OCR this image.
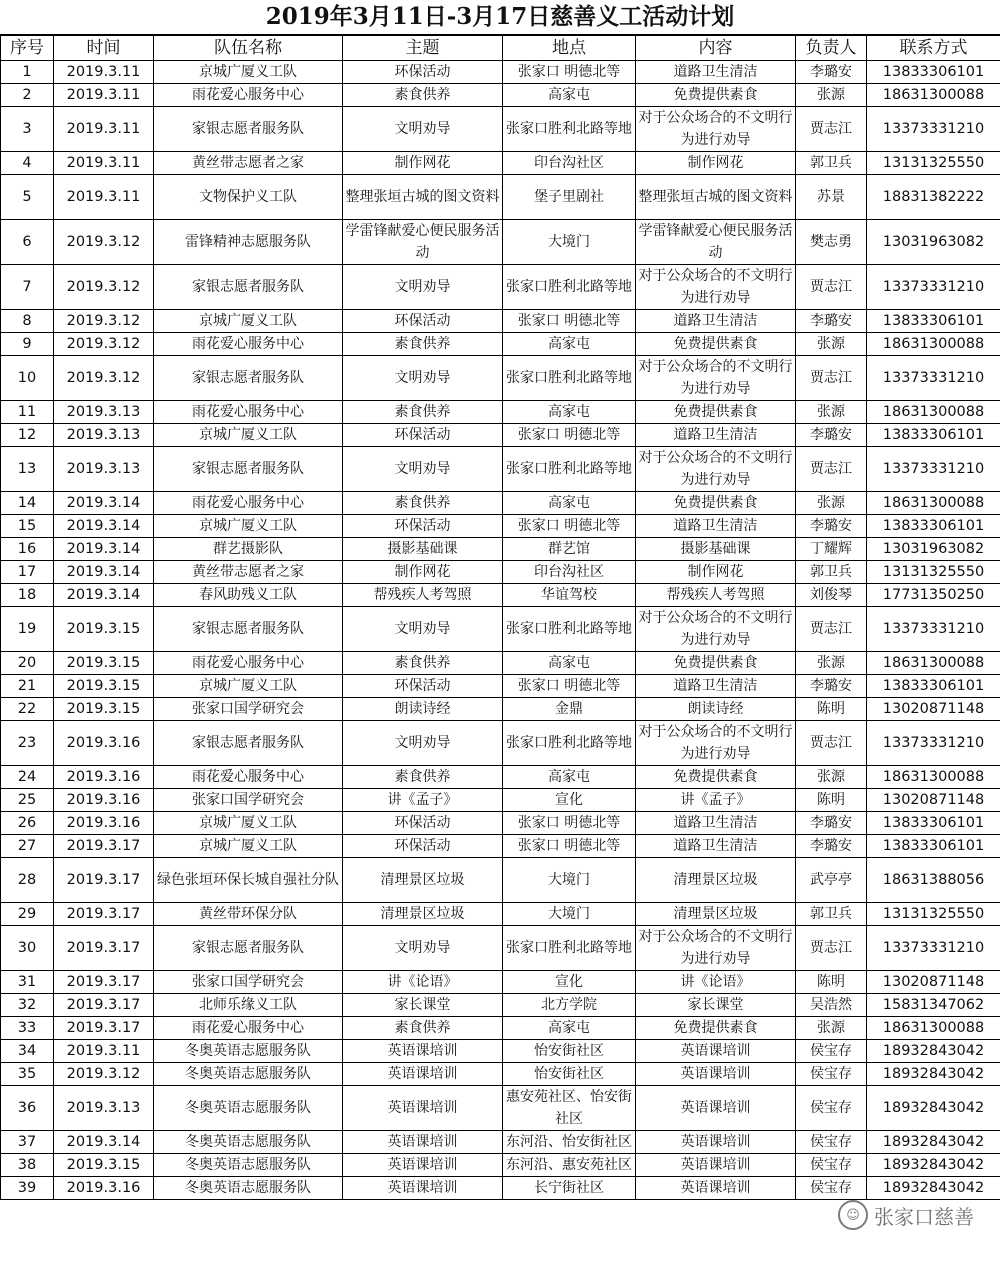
2019年3月11日-3月17日慈善义工活动计划
序号	时间	队伍名称	主题	地点	内容	负责人	联系方式
1	2019.3.11	京城广厦义工队	环保活动	张家口 明德北等	道路卫生清洁	李璐安	13833306101
2	2019.3.11	雨花爱心服务中心	素食供养	高家屯	免费提供素食	张源	18631300088
3	2019.3.11	家银志愿者服务队	文明劝导	张家口胜利北路等地	对于公众场合的不文明行为进行劝导	贾志江	13373331210
4	2019.3.11	黄丝带志愿者之家	制作网花	印台沟社区	制作网花	郭卫兵	13131325550
5	2019.3.11	文物保护义工队	整理张垣古城的图文资料	堡子里剧社	整理张垣古城的图文资料	苏景	18831382222
6	2019.3.12	雷锋精神志愿服务队	学雷锋献爱心便民服务活动	大境门	学雷锋献爱心便民服务活动	樊志勇	13031963082
7	2019.3.12	家银志愿者服务队	文明劝导	张家口胜利北路等地	对于公众场合的不文明行为进行劝导	贾志江	13373331210
8	2019.3.12	京城广厦义工队	环保活动	张家口 明德北等	道路卫生清洁	李璐安	13833306101
9	2019.3.12	雨花爱心服务中心	素食供养	高家屯	免费提供素食	张源	18631300088
10	2019.3.12	家银志愿者服务队	文明劝导	张家口胜利北路等地	对于公众场合的不文明行为进行劝导	贾志江	13373331210
11	2019.3.13	雨花爱心服务中心	素食供养	高家屯	免费提供素食	张源	18631300088
12	2019.3.13	京城广厦义工队	环保活动	张家口 明德北等	道路卫生清洁	李璐安	13833306101
13	2019.3.13	家银志愿者服务队	文明劝导	张家口胜利北路等地	对于公众场合的不文明行为进行劝导	贾志江	13373331210
14	2019.3.14	雨花爱心服务中心	素食供养	高家屯	免费提供素食	张源	18631300088
15	2019.3.14	京城广厦义工队	环保活动	张家口 明德北等	道路卫生清洁	李璐安	13833306101
16	2019.3.14	群艺摄影队	摄影基础课	群艺馆	摄影基础课	丁耀辉	13031963082
17	2019.3.14	黄丝带志愿者之家	制作网花	印台沟社区	制作网花	郭卫兵	13131325550
18	2019.3.14	春风助残义工队	帮残疾人考驾照	华谊驾校	帮残疾人考驾照	刘俊琴	17731350250
19	2019.3.15	家银志愿者服务队	文明劝导	张家口胜利北路等地	对于公众场合的不文明行为进行劝导	贾志江	13373331210
20	2019.3.15	雨花爱心服务中心	素食供养	高家屯	免费提供素食	张源	18631300088
21	2019.3.15	京城广厦义工队	环保活动	张家口 明德北等	道路卫生清洁	李璐安	13833306101
22	2019.3.15	张家口国学研究会	朗读诗经	金鼎	朗读诗经	陈明	13020871148
23	2019.3.16	家银志愿者服务队	文明劝导	张家口胜利北路等地	对于公众场合的不文明行为进行劝导	贾志江	13373331210
24	2019.3.16	雨花爱心服务中心	素食供养	高家屯	免费提供素食	张源	18631300088
25	2019.3.16	张家口国学研究会	讲《孟子》	宣化	讲《孟子》	陈明	13020871148
26	2019.3.16	京城广厦义工队	环保活动	张家口 明德北等	道路卫生清洁	李璐安	13833306101
27	2019.3.17	京城广厦义工队	环保活动	张家口 明德北等	道路卫生清洁	李璐安	13833306101
28	2019.3.17	绿色张垣环保长城自强社分队	清理景区垃圾	大境门	清理景区垃圾	武亭亭	18631388056
29	2019.3.17	黄丝带环保分队	清理景区垃圾	大境门	清理景区垃圾	郭卫兵	13131325550
30	2019.3.17	家银志愿者服务队	文明劝导	张家口胜利北路等地	对于公众场合的不文明行为进行劝导	贾志江	13373331210
31	2019.3.17	张家口国学研究会	讲《论语》	宣化	讲《论语》	陈明	13020871148
32	2019.3.17	北师乐缘义工队	家长课堂	北方学院	家长课堂	吴浩然	15831347062
33	2019.3.17	雨花爱心服务中心	素食供养	高家屯	免费提供素食	张源	18631300088
34	2019.3.11	冬奥英语志愿服务队	英语课培训	怡安街社区	英语课培训	侯宝存	18932843042
35	2019.3.12	冬奥英语志愿服务队	英语课培训	怡安街社区	英语课培训	侯宝存	18932843042
36	2019.3.13	冬奥英语志愿服务队	英语课培训	惠安苑社区、怡安街社区	英语课培训	侯宝存	18932843042
37	2019.3.14	冬奥英语志愿服务队	英语课培训	东河沿、怡安街社区	英语课培训	侯宝存	18932843042
38	2019.3.15	冬奥英语志愿服务队	英语课培训	东河沿、惠安苑社区	英语课培训	侯宝存	18932843042
39	2019.3.16	冬奥英语志愿服务队	英语课培训	长宁街社区	英语课培训	侯宝存	18932843042
☺ 张家口慈善
